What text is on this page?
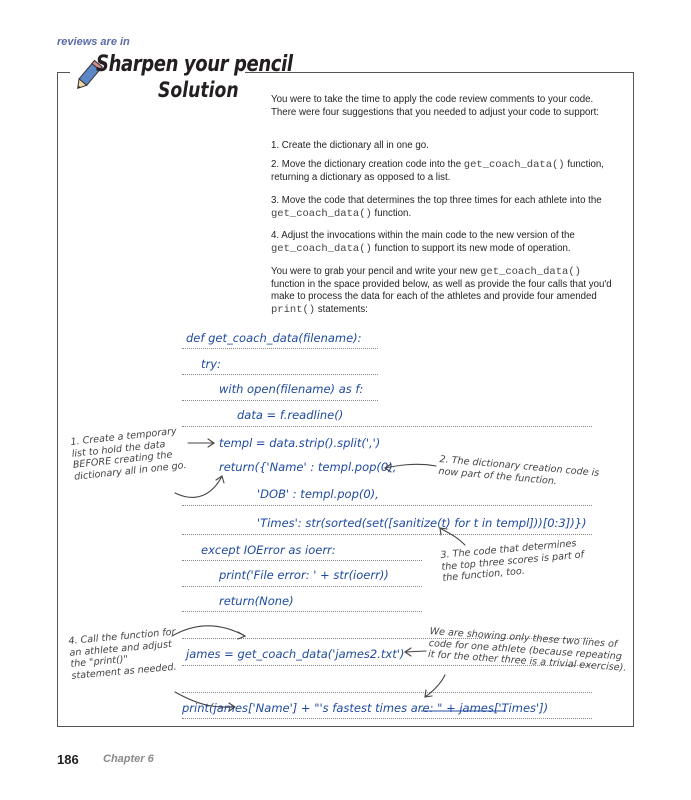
reviews are in
Sharpen your pencil
Solution	You were to take the time to apply the code review comments to your code. There were four suggestions that you needed to adjust your code to support:

1. Create the dictionary all in one go.

2. Move the dictionary creation code into the get_coach_data() function, returning a dictionary as opposed to a list.

3. Move the code that determines the top three times for each athlete into the get_coach_data() function.

4. Adjust the invocations within the main code to the new version of the get_coach_data() function to support its new mode of operation.

You were to grab your pencil and write your new get_coach_data() function in the space provided below, as well as provide the four calls that you'd make to process the data for each of the athletes and provide four amended print() statements:

def get_coach_data(filename):
try:
with open(filename) as f:
data = f.readline()
templ = data.strip().split(',')
return({'Name' : templ.pop(0),
'DOB' : templ.pop(0),
'Times': str(sorted(set([sanitize(t) for t in templ]))[0:3])})
except IOError as ioerr:
print('File error: ' + str(ioerr))
return(None)
james = get_coach_data('james2.txt')
print(james['Name'] + "'s fastest times are: " + james['Times'])
1. Create a temporary list to hold the data BEFORE creating the dictionary all in one go.	2. The dictionary creation code is now part of the function.
3. The code that determines the top three scores is part of the function, too.
4. Call the function for an athlete and adjust the "print()" statement as needed.
We are showing only these two lines of code for one athlete (because repeating it for the other three is a trivial exercise).
186 Chapter 6
